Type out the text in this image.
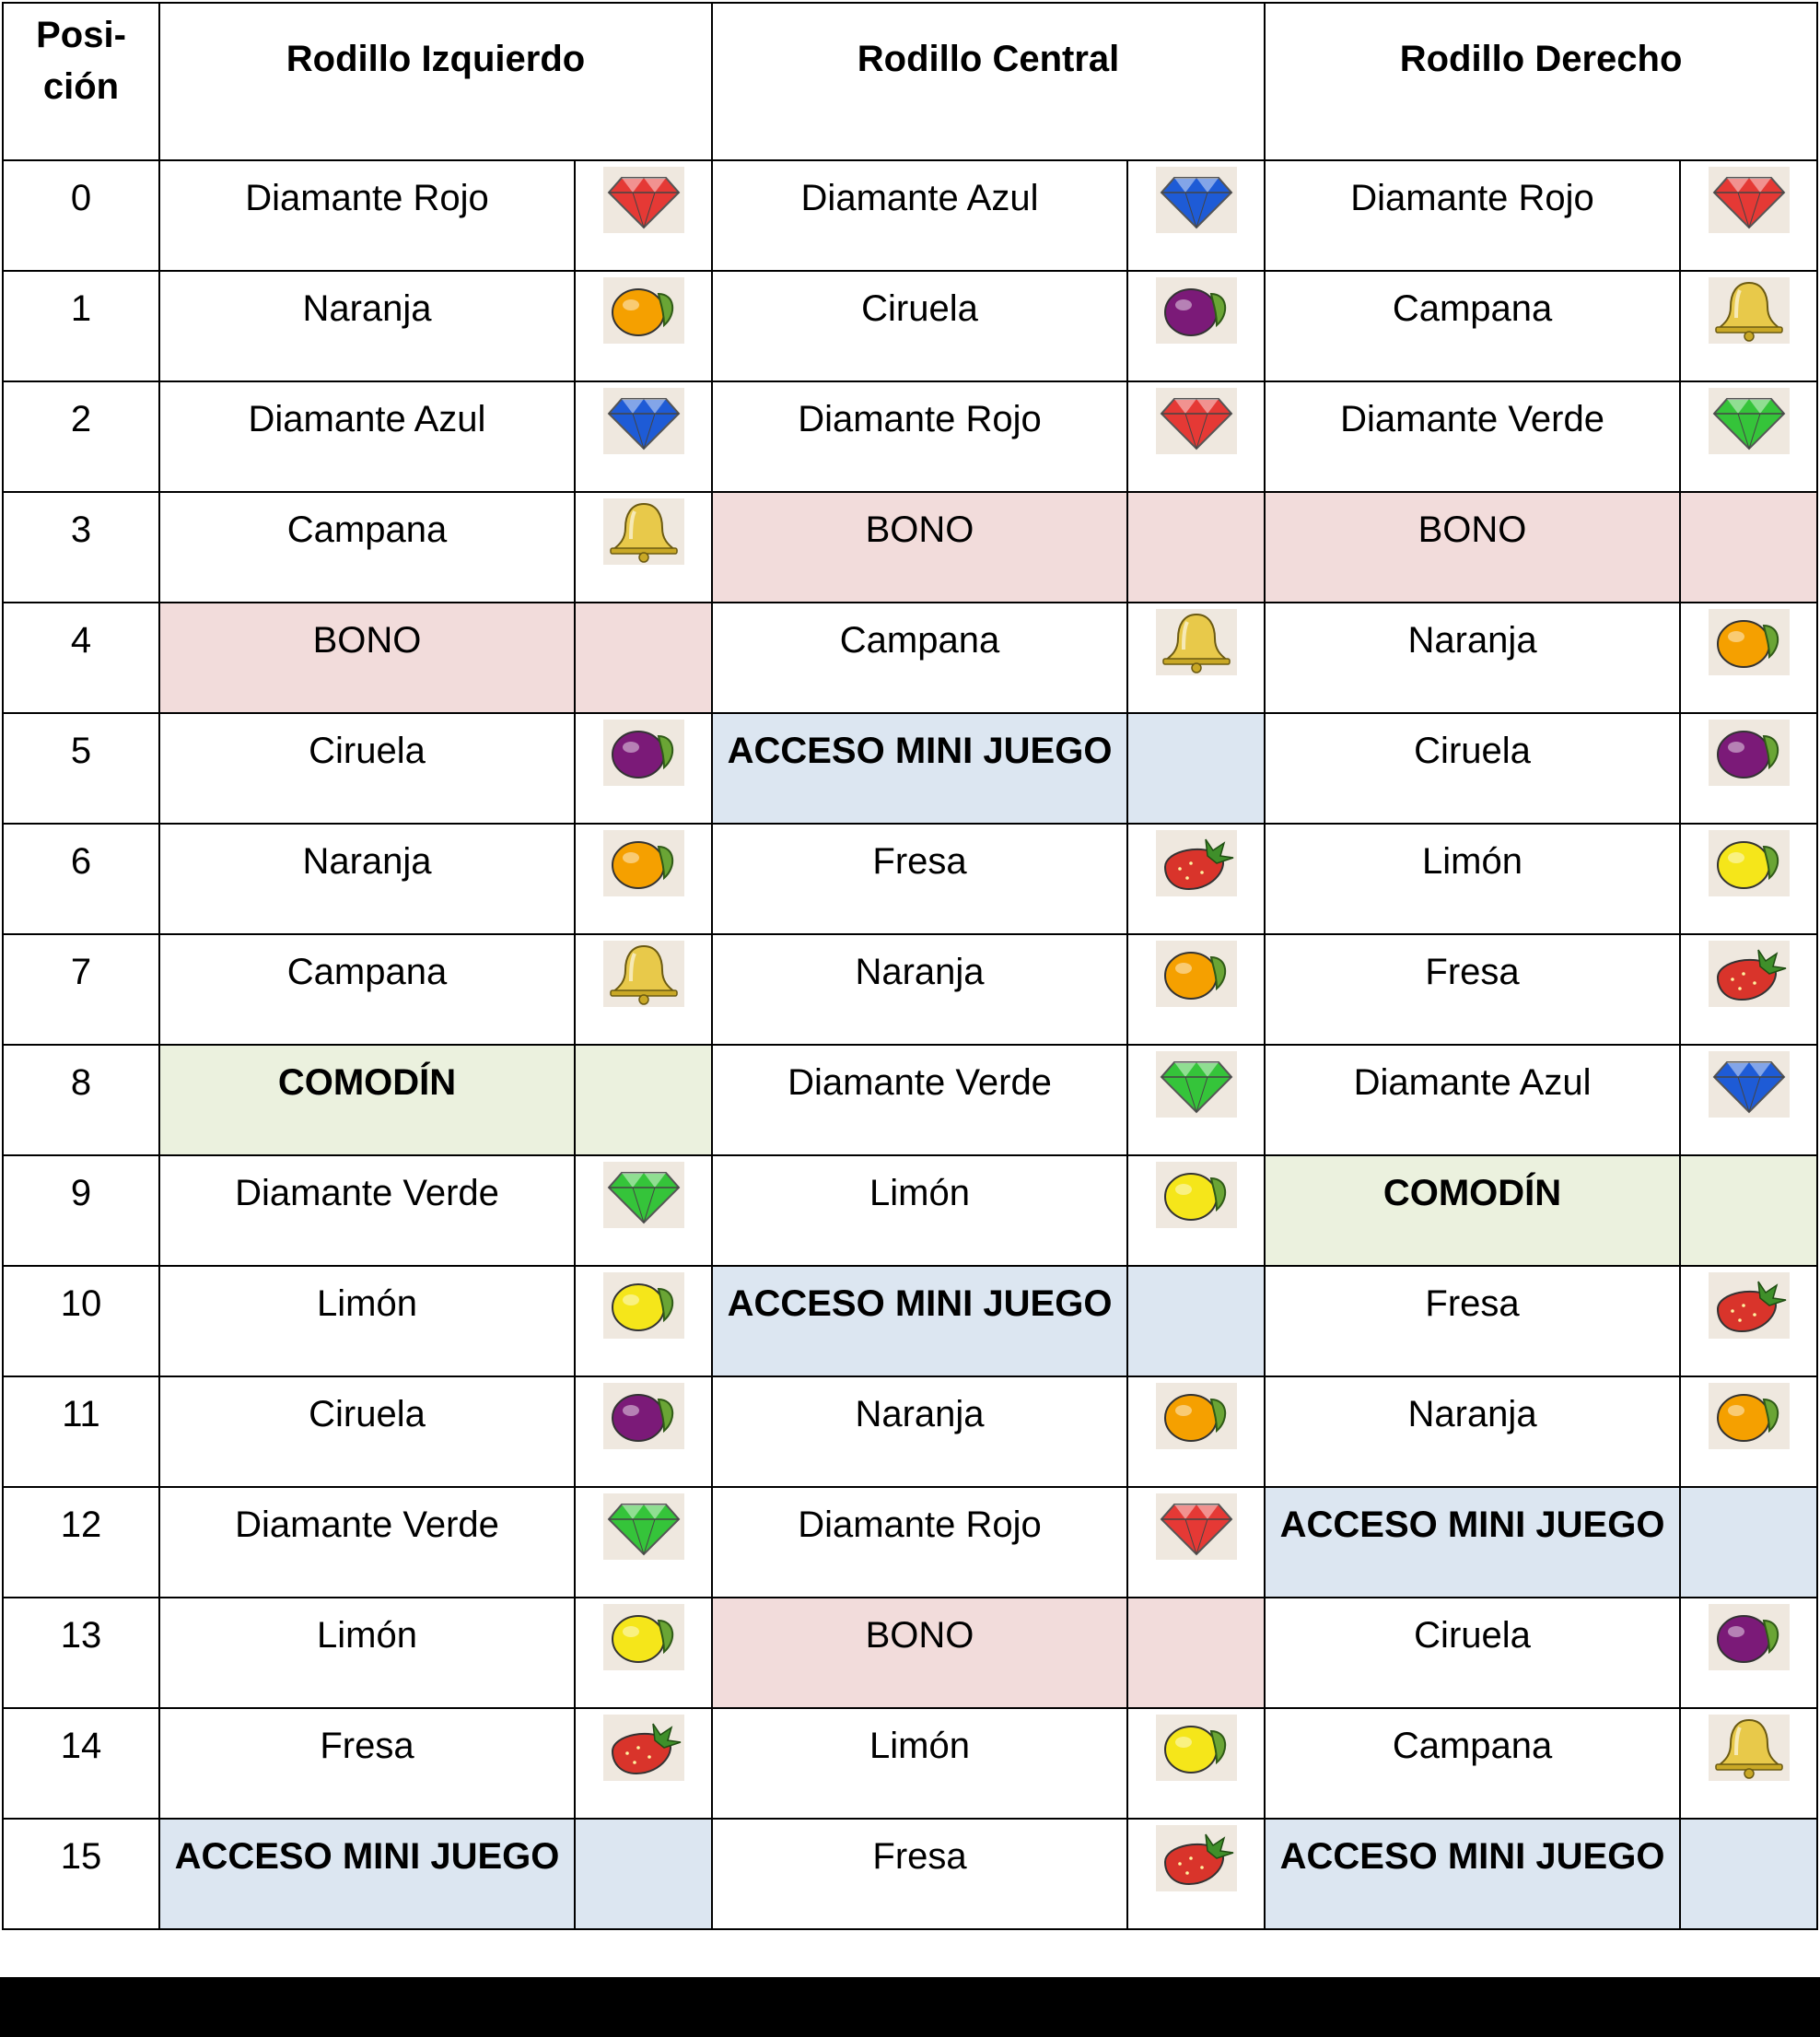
Posi-
ción	Rodillo Izquierdo		Rodillo Central		Rodillo Derecho	

0	Diamante Rojo		Diamante Azul		Diamante Rojo

1	Naranja		Ciruela		Campana

2	Diamante Azul		Diamante Rojo		Diamante Verde

3	Campana		BONO		BONO	

4	BONO		Campana		Naranja

5	Ciruela		ACCESO MINI JUEGO		Ciruela

6	Naranja		Fresa		Limón

7	Campana		Naranja		Fresa

8	COMODÍN		Diamante Verde		Diamante Azul

9	Diamante Verde		Limón		COMODÍN	

10	Limón		ACCESO MINI JUEGO		Fresa

11	Ciruela		Naranja		Naranja

12	Diamante Verde		Diamante Rojo		ACCESO MINI JUEGO	

13	Limón		BONO		Ciruela

14	Fresa		Limón		Campana

15	ACCESO MINI JUEGO		Fresa		ACCESO MINI JUEGO	
